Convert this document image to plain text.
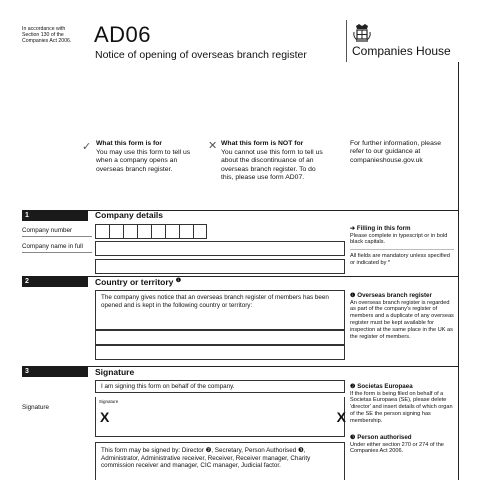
In accordance with Section 130 of the Companies Act 2006.	AD06
Notice of opening of overseas branch register	Companies House
✓ What this form is for
You may use this form to tell us when a company opens an overseas branch register.
✕ What this form is NOT for
You cannot use this form to tell us about the discontinuance of an overseas branch register. To do this, please use form AD07.
For further information, please refer to our guidance at companieshouse.gov.uk
1	Company details
Company number
Company name in full
➔ Filling in this form
Please complete in typescript or in bold black capitals.
All fields are mandatory unless specified or indicated by *
2	Country or territory $^❶$
The company gives notice that an overseas branch register of members has been opened and is kept in the following country or territory:
❶ Overseas branch register
An overseas branch register is regarded as part of the company's register of members and a duplicate of any overseas register must be kept available for inspection at the same place in the UK as the register of members.
3	Signature
I am signing this form on behalf of the company.
Signature
Signature
X	X
This form may be signed by: Director ❷, Secretary, Person Authorised ❸, Administrator, Administrative receiver, Receiver, Receiver manager, Charity commission receiver and manager, CIC manager, Judicial factor.
❷ Societas Europaea
If the form is being filed on behalf of a Societas Europaea (SE), please delete 'director' and insert details of which organ of the SE the person signing has membership.
❸ Person authorised
Under either section 270 or 274 of the Companies Act 2006.
